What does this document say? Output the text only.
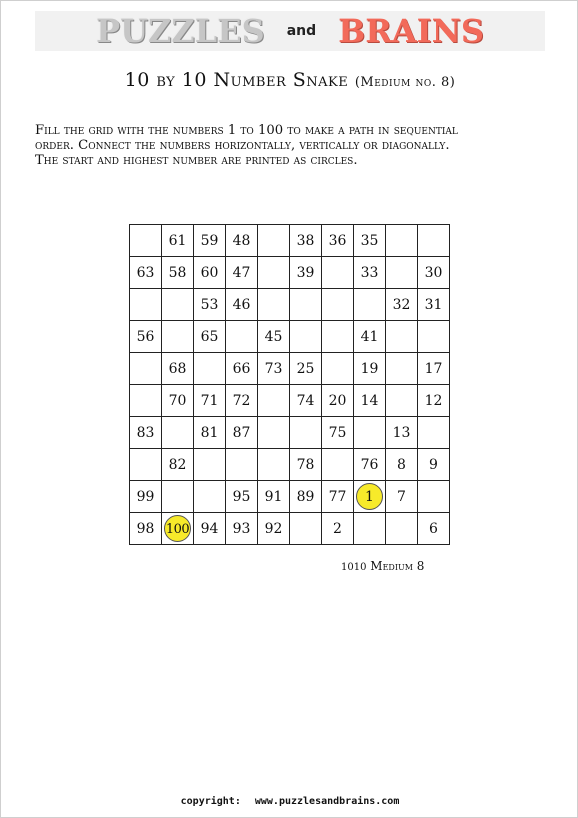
PUZZLES and BRAINS
10 by 10 Number Snake (Medium no. 8)
Fill the grid with the numbers 1 to 100 to make a path in sequential
order. Connect the numbers horizontally, vertically or diagonally.
The start and highest number are printed as circles.
	61	59	48		38	36	35		
63	58	60	47		39		33		30
		53	46					32	31
56		65		45			41		
	68		66	73	25		19		17
	70	71	72		74	20	14		12
83		81	87			75		13	
	82				78		76	8	9
99			95	91	89	77	1	7	
98	100	94	93	92		2			6
1010 Medium 8
copyright: www.puzzlesandbrains.com
